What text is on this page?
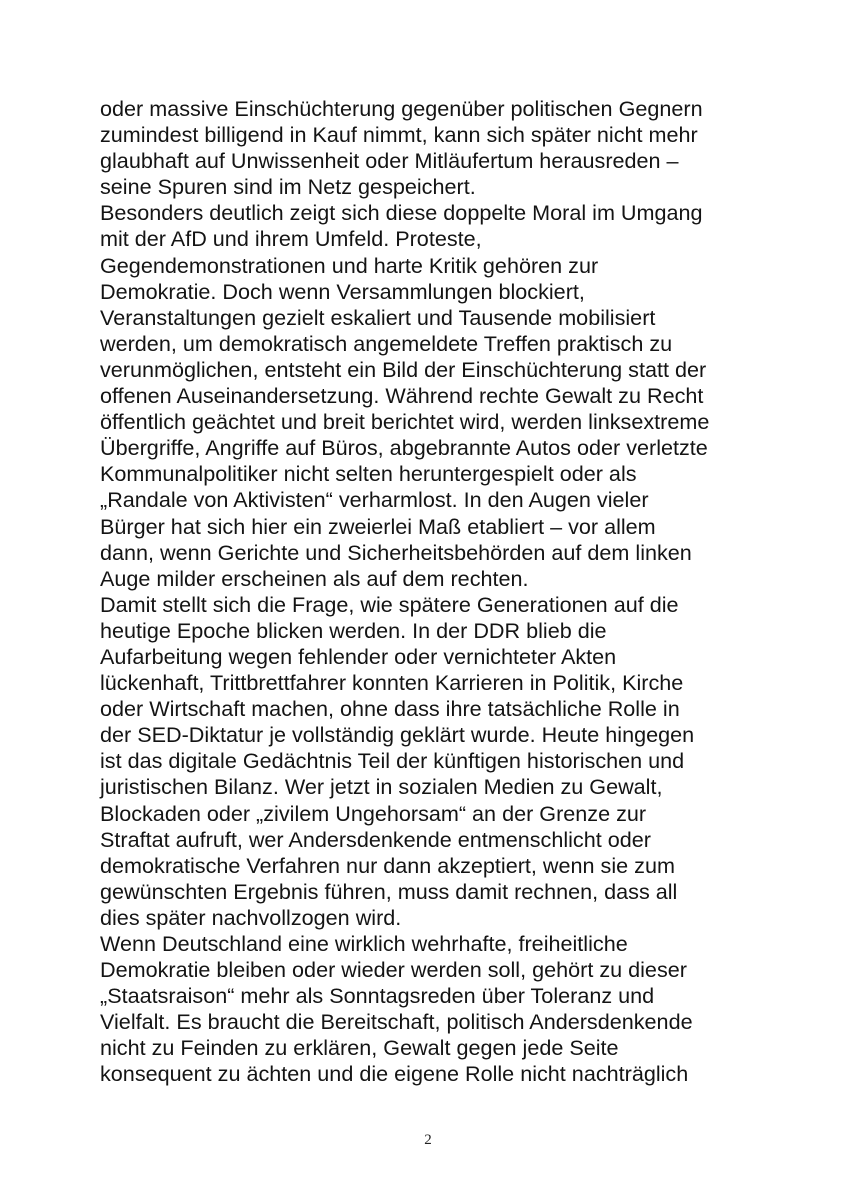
oder massive Einschüchterung gegenüber politischen Gegnern
zumindest billigend in Kauf nimmt, kann sich später nicht mehr
glaubhaft auf Unwissenheit oder Mitläufertum herausreden –
seine Spuren sind im Netz gespeichert.
Besonders deutlich zeigt sich diese doppelte Moral im Umgang
mit der AfD und ihrem Umfeld. Proteste,
Gegendemonstrationen und harte Kritik gehören zur
Demokratie. Doch wenn Versammlungen blockiert,
Veranstaltungen gezielt eskaliert und Tausende mobilisiert
werden, um demokratisch angemeldete Treffen praktisch zu
verunmöglichen, entsteht ein Bild der Einschüchterung statt der
offenen Auseinandersetzung. Während rechte Gewalt zu Recht
öffentlich geächtet und breit berichtet wird, werden linksextreme
Übergriffe, Angriffe auf Büros, abgebrannte Autos oder verletzte
Kommunalpolitiker nicht selten heruntergespielt oder als
„Randale von Aktivisten“ verharmlost. In den Augen vieler
Bürger hat sich hier ein zweierlei Maß etabliert – vor allem
dann, wenn Gerichte und Sicherheitsbehörden auf dem linken
Auge milder erscheinen als auf dem rechten.
Damit stellt sich die Frage, wie spätere Generationen auf die
heutige Epoche blicken werden. In der DDR blieb die
Aufarbeitung wegen fehlender oder vernichteter Akten
lückenhaft, Trittbrettfahrer konnten Karrieren in Politik, Kirche
oder Wirtschaft machen, ohne dass ihre tatsächliche Rolle in
der SED-Diktatur je vollständig geklärt wurde. Heute hingegen
ist das digitale Gedächtnis Teil der künftigen historischen und
juristischen Bilanz. Wer jetzt in sozialen Medien zu Gewalt,
Blockaden oder „zivilem Ungehorsam“ an der Grenze zur
Straftat aufruft, wer Andersdenkende entmenschlicht oder
demokratische Verfahren nur dann akzeptiert, wenn sie zum
gewünschten Ergebnis führen, muss damit rechnen, dass all
dies später nachvollzogen wird.
Wenn Deutschland eine wirklich wehrhafte, freiheitliche
Demokratie bleiben oder wieder werden soll, gehört zu dieser
„Staatsraison“ mehr als Sonntagsreden über Toleranz und
Vielfalt. Es braucht die Bereitschaft, politisch Andersdenkende
nicht zu Feinden zu erklären, Gewalt gegen jede Seite
konsequent zu ächten und die eigene Rolle nicht nachträglich
2
